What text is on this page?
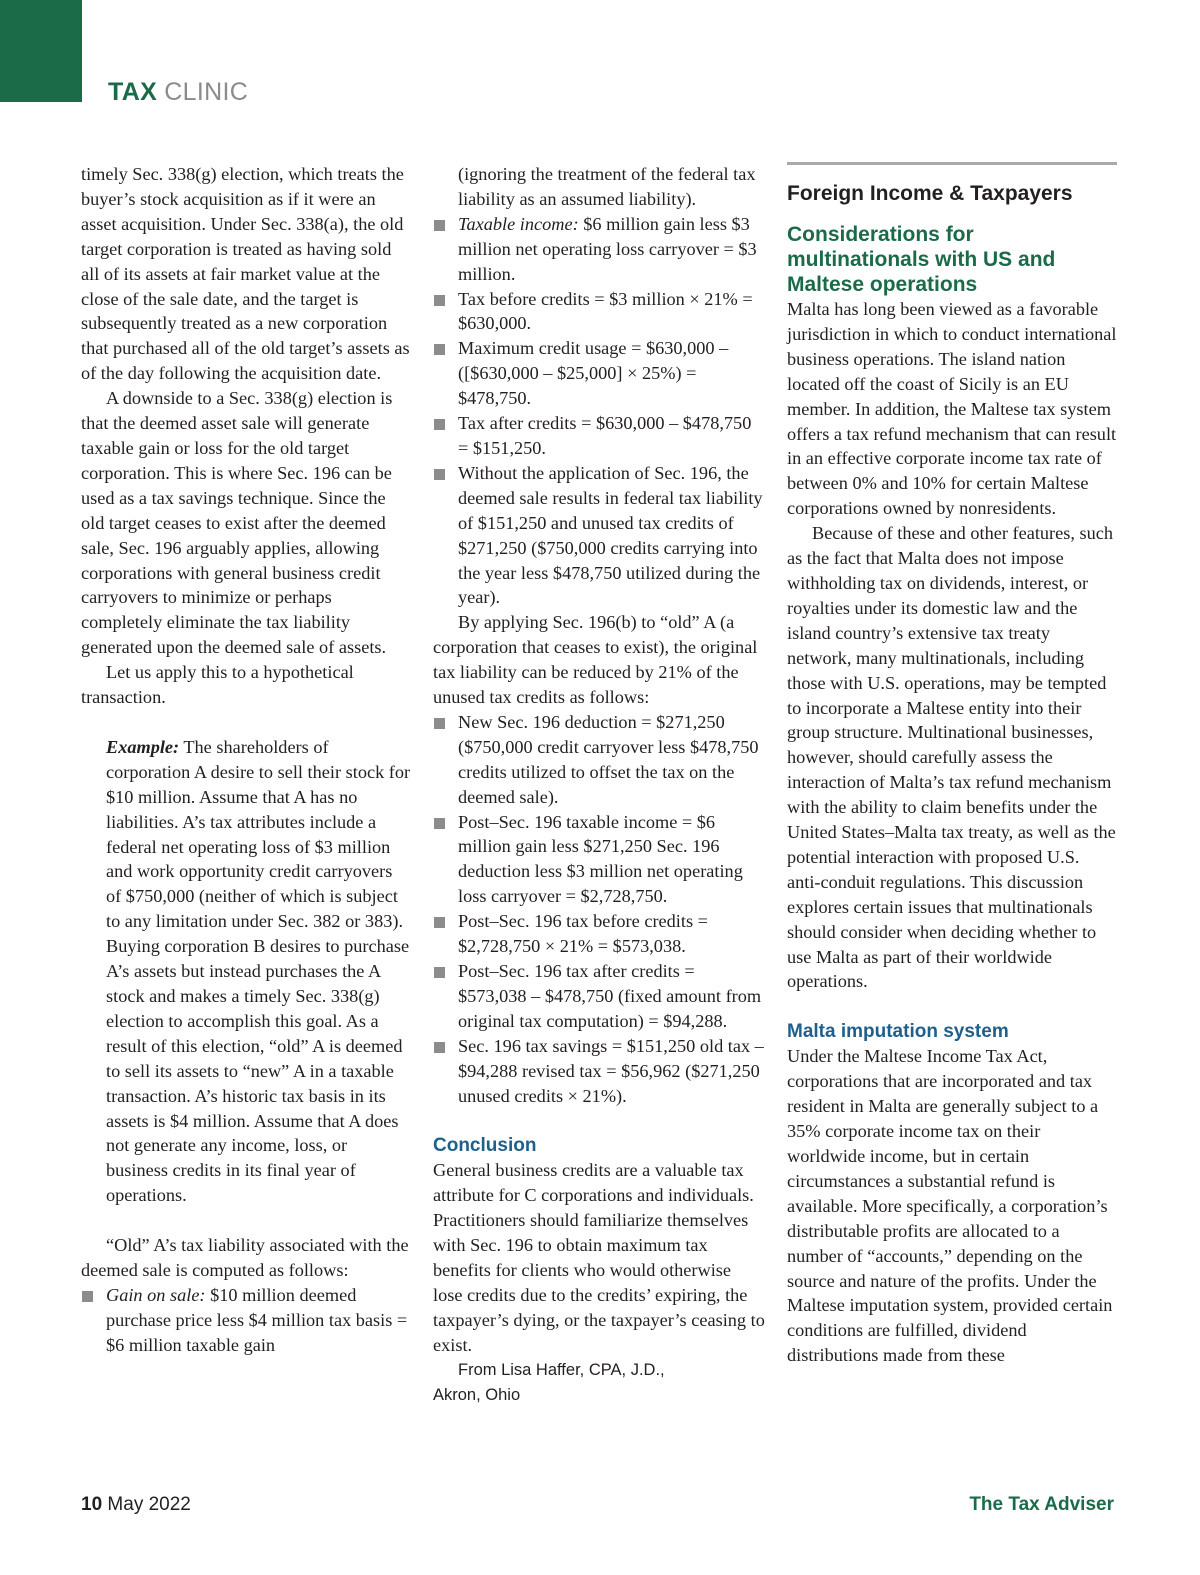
TAX CLINIC

timely Sec. 338(g) election, which treats the buyer’s stock acquisition as if it were an asset acquisition. Under Sec. 338(a), the old target corporation is treated as having sold all of its assets at fair market value at the close of the sale date, and the target is subsequently treated as a new corporation that purchased all of the old target’s assets as of the day following the acquisition date.

A downside to a Sec. 338(g) election is that the deemed asset sale will generate taxable gain or loss for the old target corporation. This is where Sec. 196 can be used as a tax savings technique. Since the old target ceases to exist after the deemed sale, Sec. 196 arguably applies, allowing corporations with general business credit carryovers to minimize or perhaps completely eliminate the tax liability generated upon the deemed sale of assets.

Let us apply this to a hypothetical transaction.

Example: The shareholders of corporation A desire to sell their stock for $10 million. Assume that A has no liabilities. A’s tax attributes include a federal net operating loss of $3 million and work opportunity credit carryovers of $750,000 (neither of which is subject to any limitation under Sec. 382 or 383). Buying corporation B desires to purchase A’s assets but instead purchases the A stock and makes a timely Sec. 338(g) election to accomplish this goal. As a result of this election, “old” A is deemed to sell its assets to “new” A in a taxable transaction. A’s historic tax basis in its assets is $4 million. Assume that A does not generate any income, loss, or business credits in its final year of operations.

“Old” A’s tax liability associated with the deemed sale is computed as follows:

Gain on sale: $10 million deemed purchase price less $4 million tax basis = $6 million taxable gain
(ignoring the treatment of the federal tax liability as an assumed liability).
Taxable income: $6 million gain less $3 million net operating loss carryover = $3 million.
Tax before credits = $3 million × 21% = $630,000.
Maximum credit usage = $630,000 – ([$630,000 – $25,000] × 25%) = $478,750.
Tax after credits = $630,000 – $478,750 = $151,250.
Without the application of Sec. 196, the deemed sale results in federal tax liability of $151,250 and unused tax credits of $271,250 ($750,000 credits carrying into the year less $478,750 utilized during the year).

By applying Sec. 196(b) to “old” A (a corporation that ceases to exist), the original tax liability can be reduced by 21% of the unused tax credits as follows:

New Sec. 196 deduction = $271,250 ($750,000 credit carryover less $478,750 credits utilized to offset the tax on the deemed sale).
Post–Sec. 196 taxable income = $6 million gain less $271,250 Sec. 196 deduction less $3 million net operating loss carryover = $2,728,750.
Post–Sec. 196 tax before credits = $2,728,750 × 21% = $573,038.
Post–Sec. 196 tax after credits = $573,038 – $478,750 (fixed amount from original tax computation) = $94,288.
Sec. 196 tax savings = $151,250 old tax – $94,288 revised tax = $56,962 ($271,250 unused credits × 21%).

Conclusion

General business credits are a valuable tax attribute for C corporations and individuals. Practitioners should familiarize themselves with Sec. 196 to obtain maximum tax benefits for clients who would otherwise lose credits due to the credits’ expiring, the taxpayer’s dying, or the taxpayer’s ceasing to exist.

From Lisa Haffer, CPA, J.D.,
Akron, Ohio

Foreign Income & Taxpayers

Considerations for multinationals with US and Maltese operations

Malta has long been viewed as a favorable jurisdiction in which to conduct international business operations. The island nation located off the coast of Sicily is an EU member. In addition, the Maltese tax system offers a tax refund mechanism that can result in an effective corporate income tax rate of between 0% and 10% for certain Maltese corporations owned by nonresidents.

Because of these and other features, such as the fact that Malta does not impose withholding tax on dividends, interest, or royalties under its domestic law and the island country’s extensive tax treaty network, many multinationals, including those with U.S. operations, may be tempted to incorporate a Maltese entity into their group structure. Multinational businesses, however, should carefully assess the interaction of Malta’s tax refund mechanism with the ability to claim benefits under the United States–Malta tax treaty, as well as the potential interaction with proposed U.S. anti-conduit regulations. This discussion explores certain issues that multinationals should consider when deciding whether to use Malta as part of their worldwide operations.

Malta imputation system

Under the Maltese Income Tax Act, corporations that are incorporated and tax resident in Malta are generally subject to a 35% corporate income tax on their worldwide income, but in certain circumstances a substantial refund is available. More specifically, a corporation’s distributable profits are allocated to a number of “accounts,” depending on the source and nature of the profits. Under the Maltese imputation system, provided certain conditions are fulfilled, dividend distributions made from these

10 May 2022	The Tax Adviser
